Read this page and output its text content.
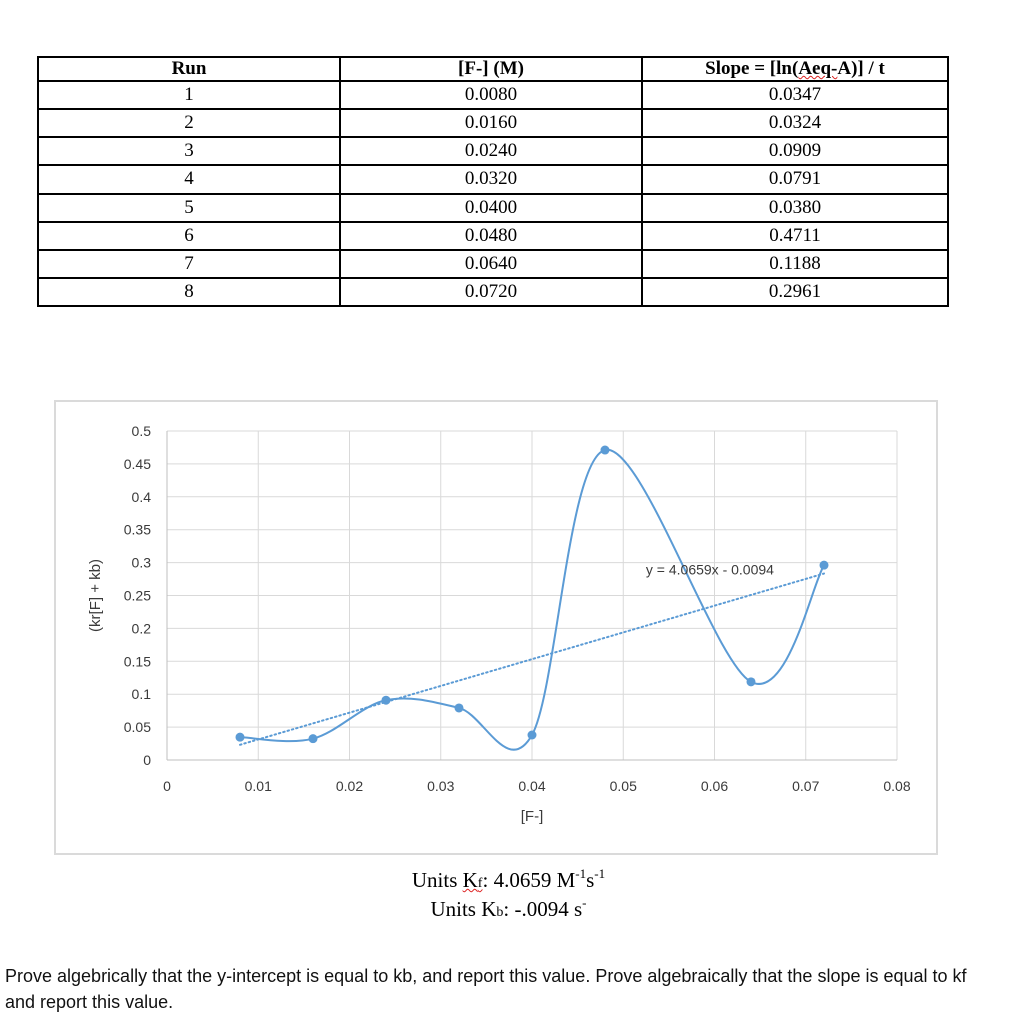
Run	[F-] (M)	Slope = [ln(Aeq-A)] / t
1	0.0080	0.0347
2	0.0160	0.0324
3	0.0240	0.0909
4	0.0320	0.0791
5	0.0400	0.0380
6	0.0480	0.4711
7	0.0640	0.1188
8	0.0720	0.2961
0
0.05
0.1
0.15
0.2
0.25
0.3
0.35
0.4
0.45
0.5
0	0.01	0.02	0.03	0.04	0.05	0.06	0.07	0.08
[F-]
(kr[F] + kb)	y = 4.0659x - 0.0094
Units Kf: 4.0659 $M^{-1}s^{-1}$
Units Kb: -.0094 s-
Prove algebrically that the y-intercept is equal to kb, and report this value. Prove algebraically that the slope is equal to kf and report this value.
